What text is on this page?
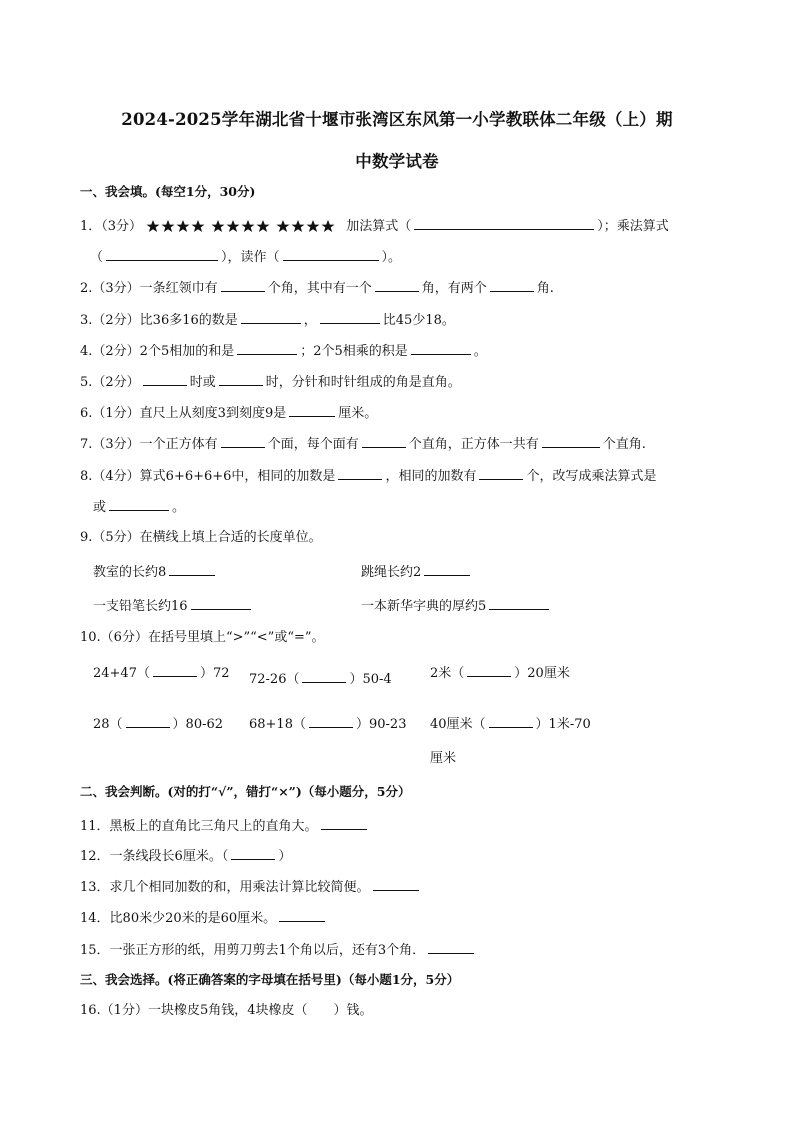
2024-2025学年湖北省十堰市张湾区东风第一小学教联体二年级（上）期
中数学试卷
一、我会填。(每空1分，30分)
1．（3分）	加法算式（	）；乘法算式
（	），读作（	）。
2.（3分）一条红领巾有	个角，其中有一个	角，有两个	角.
3.（2分）比36多16的数是	，	比45少18。
4.（2分）2个5相加的和是	；2个5相乘的积是	。
5.（2分）	时或	时，分针和时针组成的角是直角。
6.（1分）直尺上从刻度3到刻度9是	厘米。
7.（3分）一个正方体有	个面，每个面有	个直角，正方体一共有	个直角.
8.（4分）算式6+6+6+6中，相同的加数是	，相同的加数有	个，改写成乘法算式是
或	。
9.（5分）在横线上填上合适的长度单位。
教室的长约8	跳绳长约2
一支铅笔长约16	一本新华字典的厚约5
10.（6分）在括号里填上“>”“<”或“=”。
24+47（	）72 72-26（	）50-4	2米（	）20厘米
28（	）80-62 68+18（	）90-23 40厘米（	）1米-70
厘米
二、我会判断。(对的打“√”，错打“×”)（每小题分，5分）
11．黑板上的直角比三角尺上的直角大。
12．一条线段长6厘米。（	）
13．求几个相同加数的和，用乘法计算比较简便。
14．比80米少20米的是60厘米。
15．一张正方形的纸，用剪刀剪去1个角以后，还有3个角．
三、我会选择。(将正确答案的字母填在括号里)（每小题1分，5分）
16.（1分）一块橡皮5角钱，4块橡皮（　　）钱。
